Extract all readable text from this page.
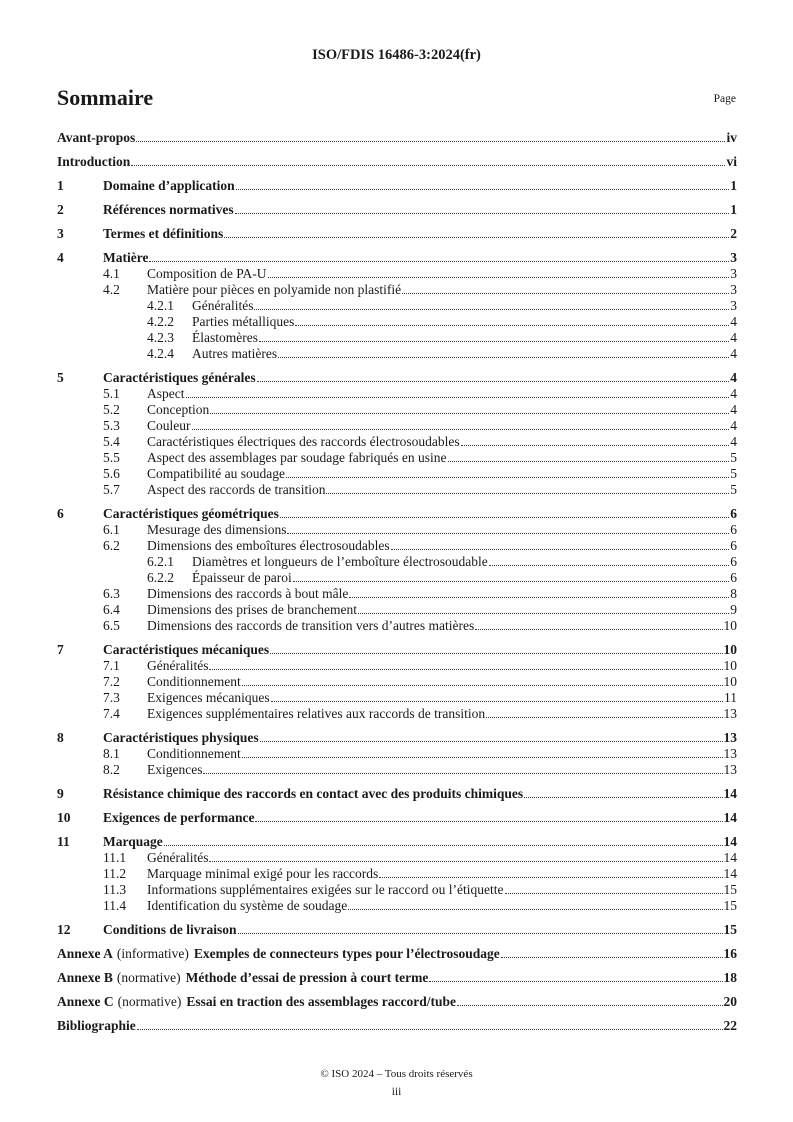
ISO/FDIS 16486-3:2024(fr)
Sommaire	Page
Avant-propos	iv
Introduction	vi
1	Domaine d’application	1
2	Références normatives	1
3	Termes et définitions	2
4	Matière	3
4.1	Composition de PA-U	3
4.2	Matière pour pièces en polyamide non plastifié	3
4.2.1	Généralités	3
4.2.2	Parties métalliques	4
4.2.3	Élastomères	4
4.2.4	Autres matières	4
5	Caractéristiques générales	4
5.1	Aspect	4
5.2	Conception	4
5.3	Couleur	4
5.4	Caractéristiques électriques des raccords électrosoudables	4
5.5	Aspect des assemblages par soudage fabriqués en usine	5
5.6	Compatibilité au soudage	5
5.7	Aspect des raccords de transition	5
6	Caractéristiques géométriques	6
6.1	Mesurage des dimensions	6
6.2	Dimensions des emboîtures électrosoudables	6
6.2.1	Diamètres et longueurs de l’emboîture électrosoudable	6
6.2.2	Épaisseur de paroi	6
6.3	Dimensions des raccords à bout mâle	8
6.4	Dimensions des prises de branchement	9
6.5	Dimensions des raccords de transition vers d’autres matières	10
7	Caractéristiques mécaniques	10
7.1	Généralités	10
7.2	Conditionnement	10
7.3	Exigences mécaniques	11
7.4	Exigences supplémentaires relatives aux raccords de transition	13
8	Caractéristiques physiques	13
8.1	Conditionnement	13
8.2	Exigences	13
9	Résistance chimique des raccords en contact avec des produits chimiques	14
10	Exigences de performance	14
11	Marquage	14
11.1	Généralités	14
11.2	Marquage minimal exigé pour les raccords	14
11.3	Informations supplémentaires exigées sur le raccord ou l’étiquette	15
11.4	Identification du système de soudage	15
12	Conditions de livraison	15
Annexe A (informative) Exemples de connecteurs types pour l’électrosoudage	16
Annexe B (normative) Méthode d’essai de pression à court terme	18
Annexe C (normative) Essai en traction des assemblages raccord/tube	20
Bibliographie	22
© ISO 2024 – Tous droits réservés
iii
